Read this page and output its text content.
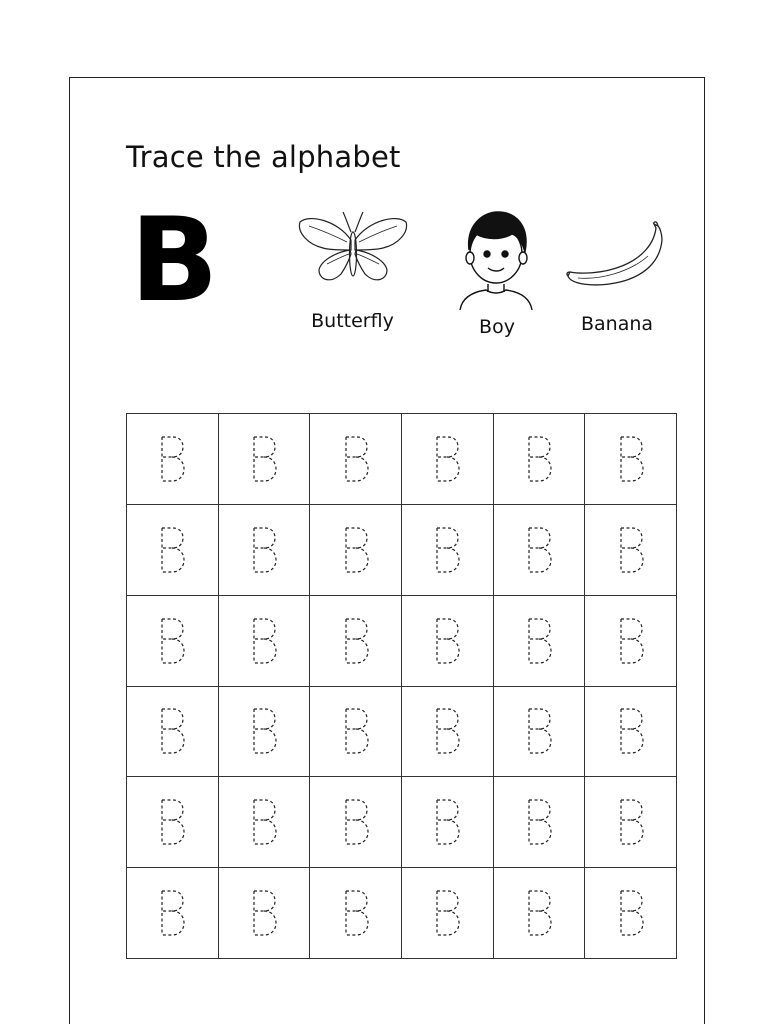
Trace the alphabet
B	Butterfly	Boy	Banana
